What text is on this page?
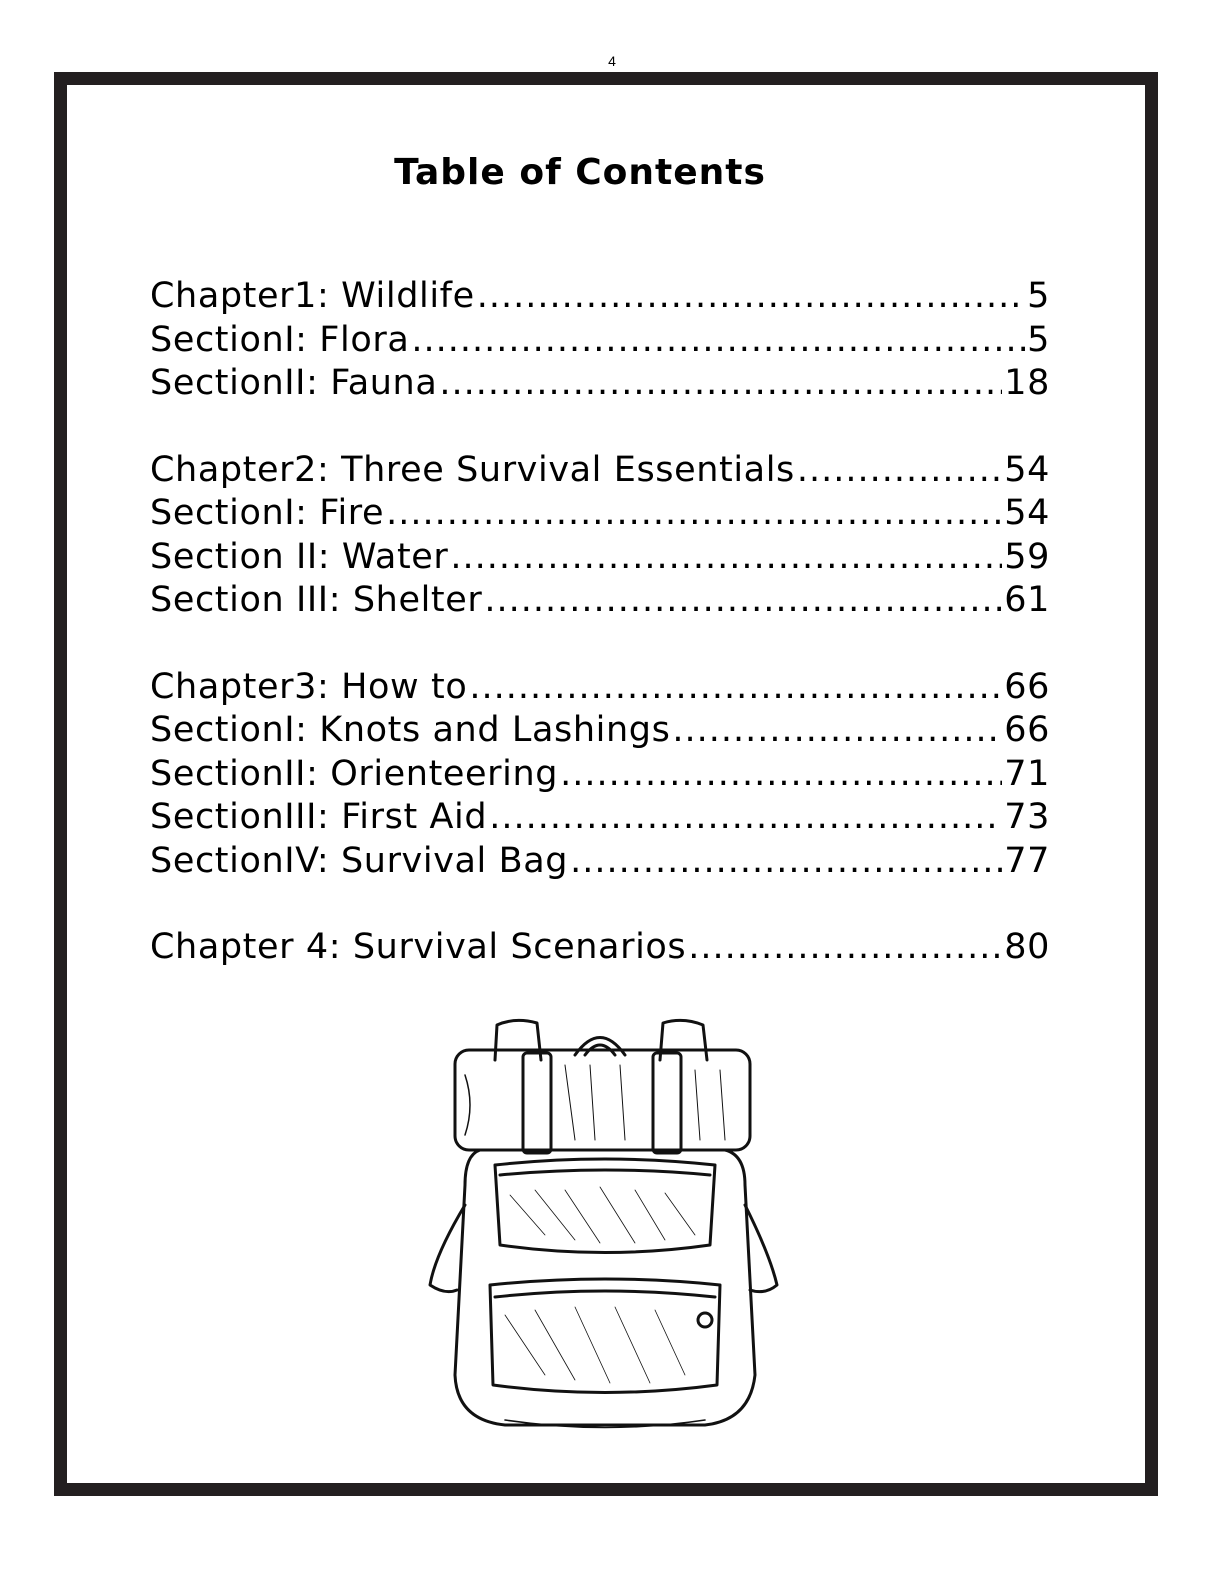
4
Table of Contents
Chapter1: Wildlife .....	5
SectionI: Flora .....	5
SectionII: Fauna .....	18
Chapter2: Three Survival Essentials .....	54
SectionI: Fire .....	54
Section II: Water .....	59
Section III: Shelter .....	61
Chapter3: How to .....	66
SectionI: Knots and Lashings .....	66
SectionII: Orienteering .....	71
SectionIII: First Aid .....	73
SectionIV: Survival Bag .....	77
Chapter 4: Survival Scenarios .....	80
